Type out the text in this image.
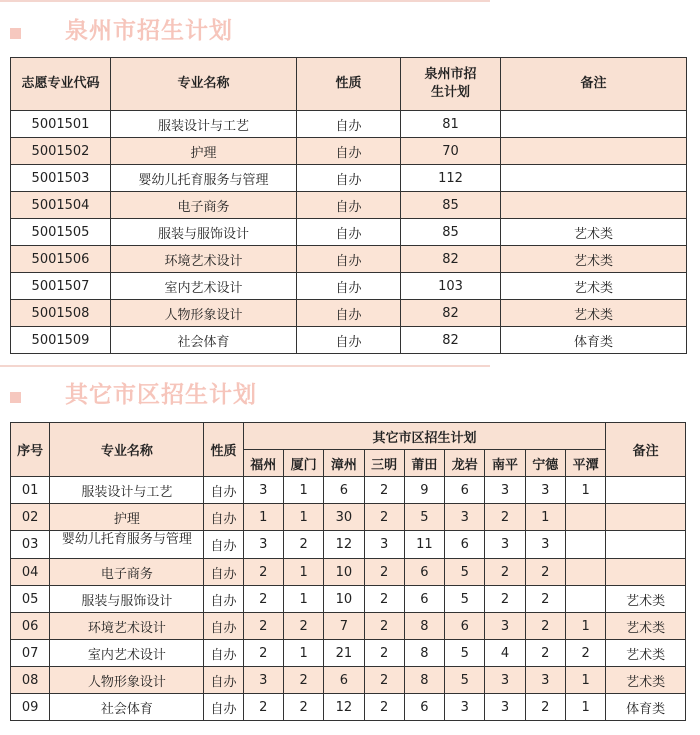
泉州市招生计划
志愿专业代码	专业名称	性质	泉州市招生计划	备注
5001501	服装设计与工艺	自办	81	
5001502	护理	自办	70	
5001503	婴幼儿托育服务与管理	自办	112	
5001504	电子商务	自办	85	
5001505	服装与服饰设计	自办	85	艺术类
5001506	环境艺术设计	自办	82	艺术类
5001507	室内艺术设计	自办	103	艺术类
5001508	人物形象设计	自办	82	艺术类
5001509	社会体育	自办	82	体育类
其它市区招生计划
序号	专业名称	性质	其它市区招生计划									备注
			福州	厦门	漳州	三明	莆田	龙岩	南平	宁德	平潭	
01	服装设计与工艺	自办	3	1	6	2	9	6	3	3	1	
02	护理	自办	1	1	30	2	5	3	2	1		
03	婴幼儿托育服务与管理	自办	3	2	12	3	11	6	3	3		
04	电子商务	自办	2	1	10	2	6	5	2	2		
05	服装与服饰设计	自办	2	1	10	2	6	5	2	2		艺术类
06	环境艺术设计	自办	2	2	7	2	8	6	3	2	1	艺术类
07	室内艺术设计	自办	2	1	21	2	8	5	4	2	2	艺术类
08	人物形象设计	自办	3	2	6	2	8	5	3	3	1	艺术类
09	社会体育	自办	2	2	12	2	6	3	3	2	1	体育类
